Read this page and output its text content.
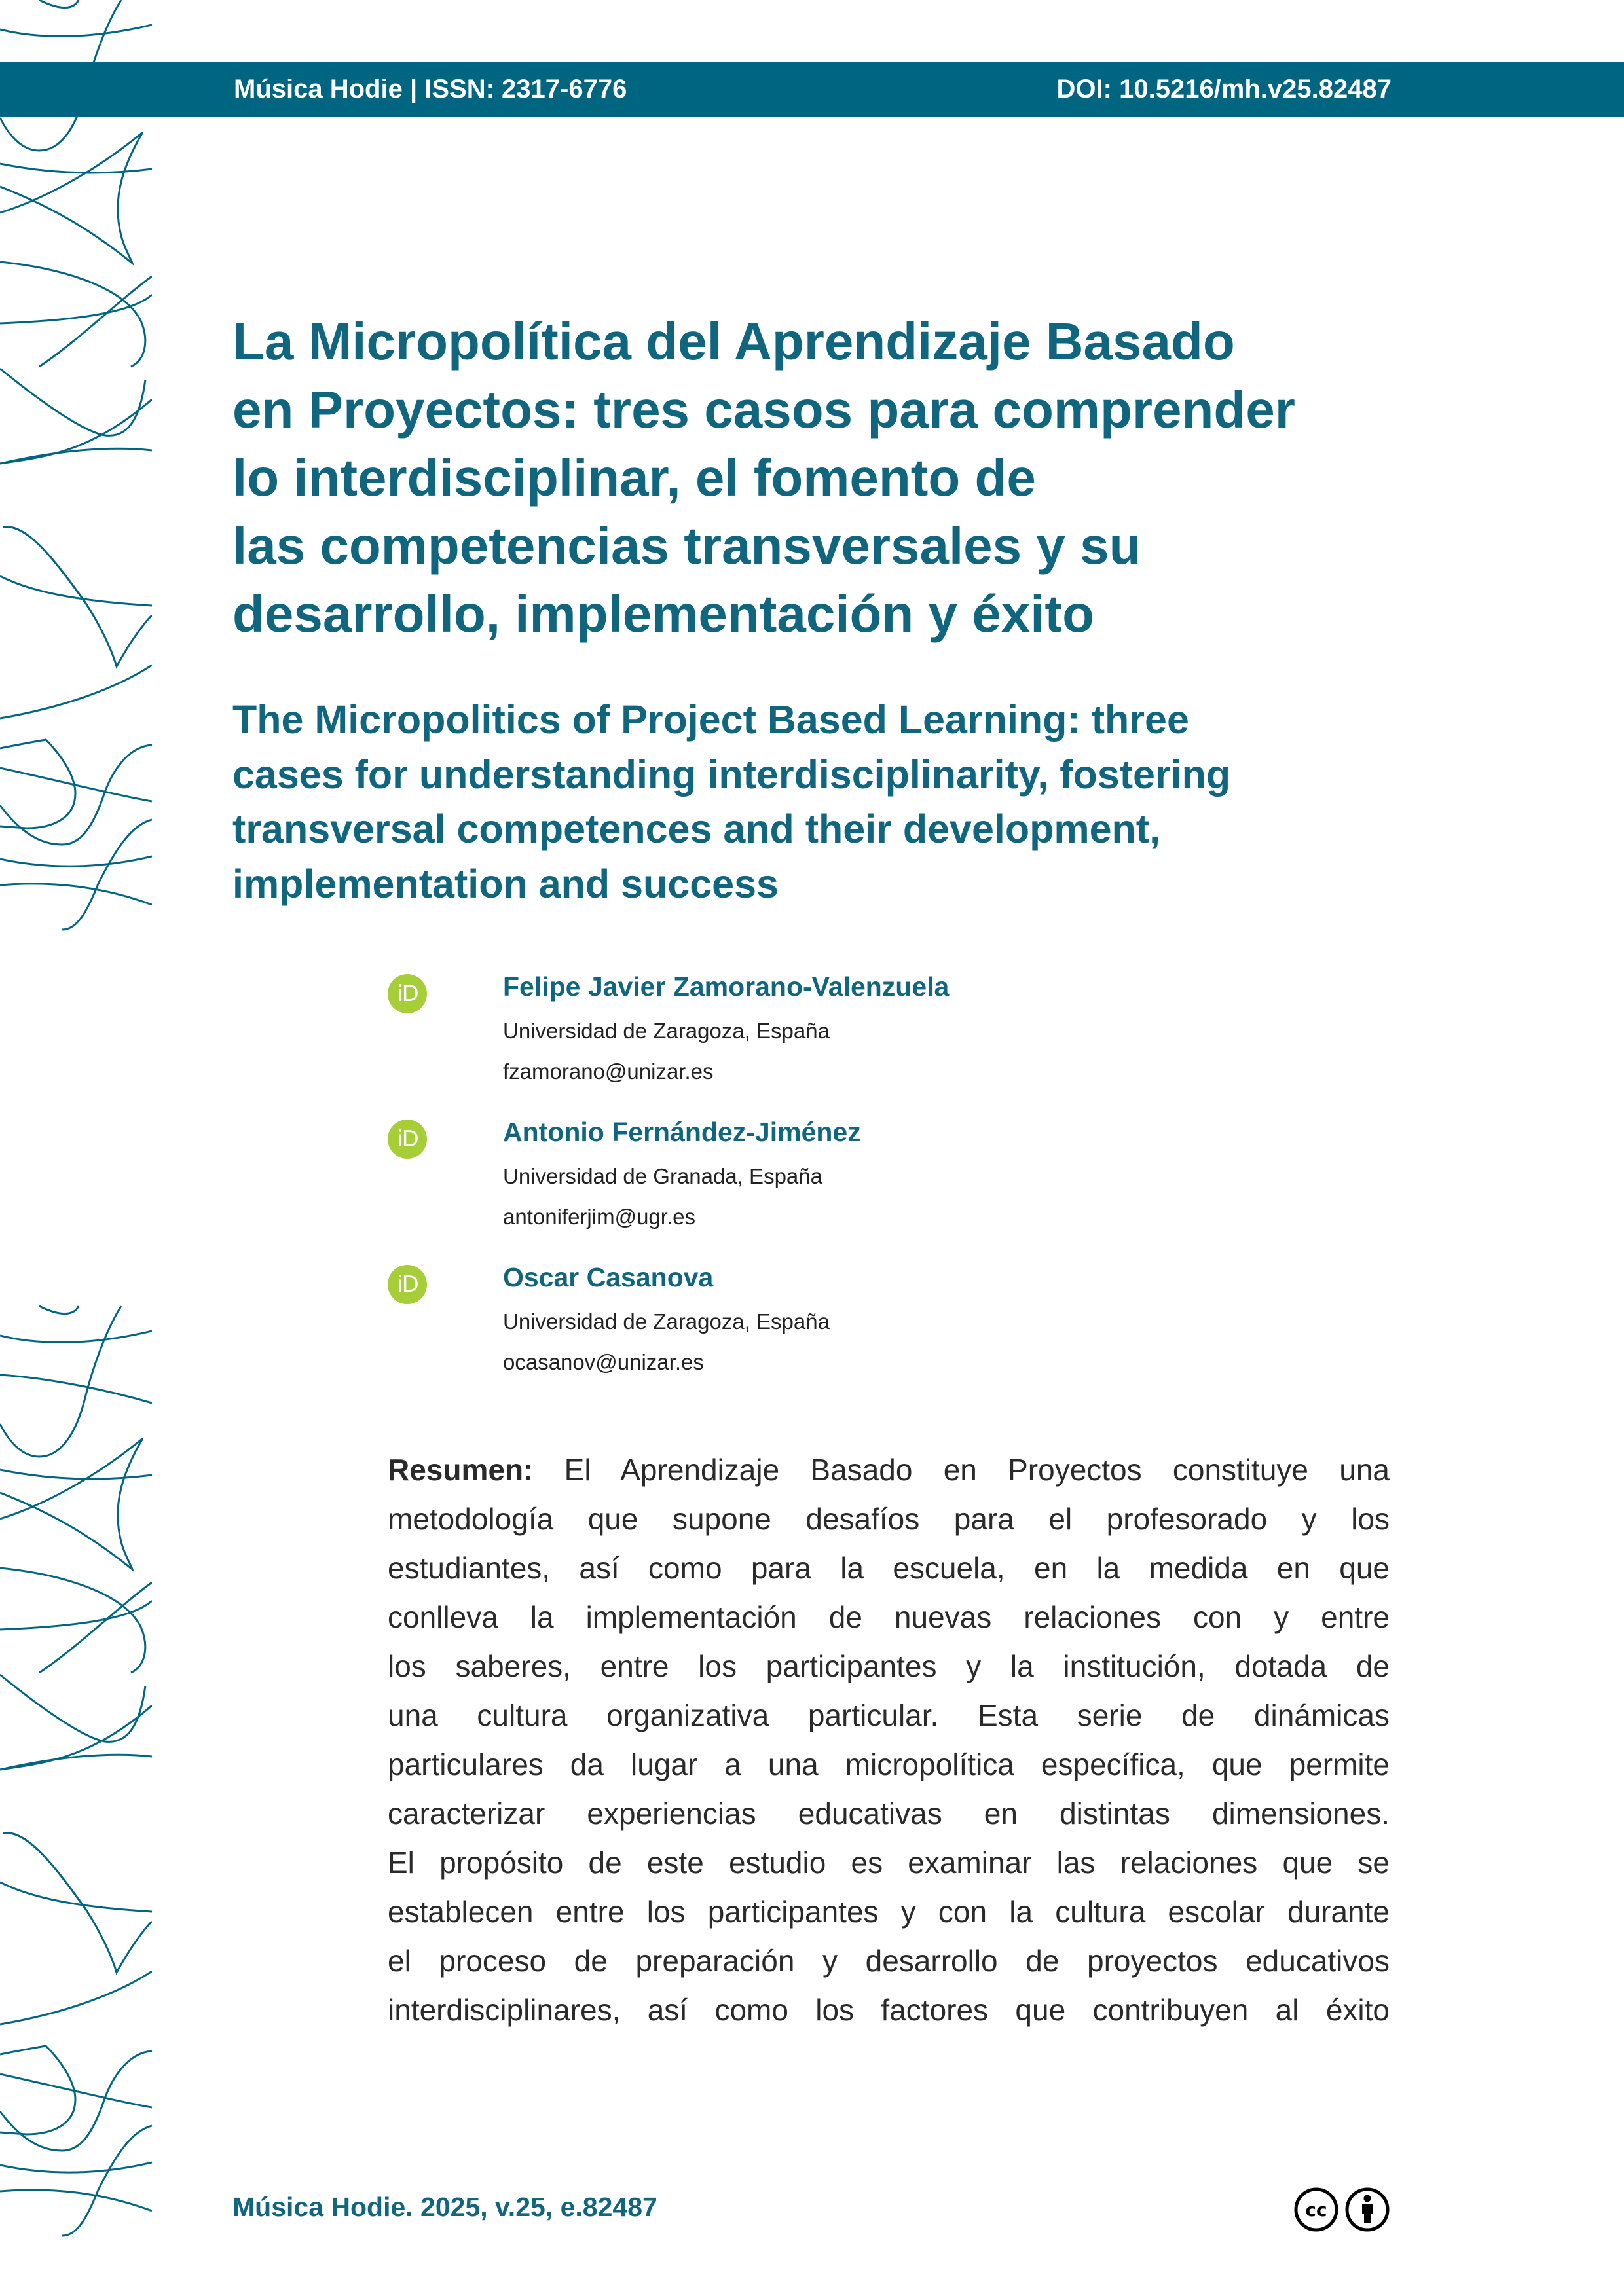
Música Hodie | ISSN: 2317-6776	DOI: 10.5216/mh.v25.82487
La Micropolítica del Aprendizaje Basado
en Proyectos: tres casos para comprender
lo interdisciplinar, el fomento de
las competencias transversales y su
desarrollo, implementación y éxito
The Micropolitics of Project Based Learning: three
cases for understanding interdisciplinarity, fostering
transversal competences and their development,
implementation and success
iD	Felipe Javier Zamorano-Valenzuela
Universidad de Zaragoza, España
fzamorano@unizar.es
iD	Antonio Fernández-Jiménez
Universidad de Granada, España
antoniferjim@ugr.es
iD	Oscar Casanova
Universidad de Zaragoza, España
ocasanov@unizar.es

Resumen: El Aprendizaje Basado en Proyectos constituye una
metodología que supone desafíos para el profesorado y los
estudiantes, así como para la escuela, en la medida en que
conlleva la implementación de nuevas relaciones con y entre
los saberes, entre los participantes y la institución, dotada de
una cultura organizativa particular. Esta serie de dinámicas
particulares da lugar a una micropolítica específica, que permite
caracterizar experiencias educativas en distintas dimensiones.
El propósito de este estudio es examinar las relaciones que se
establecen entre los participantes y con la cultura escolar durante
el proceso de preparación y desarrollo de proyectos educativos
interdisciplinares, así como los factores que contribuyen al éxito

Música Hodie. 2025, v.25, e.82487	cc
